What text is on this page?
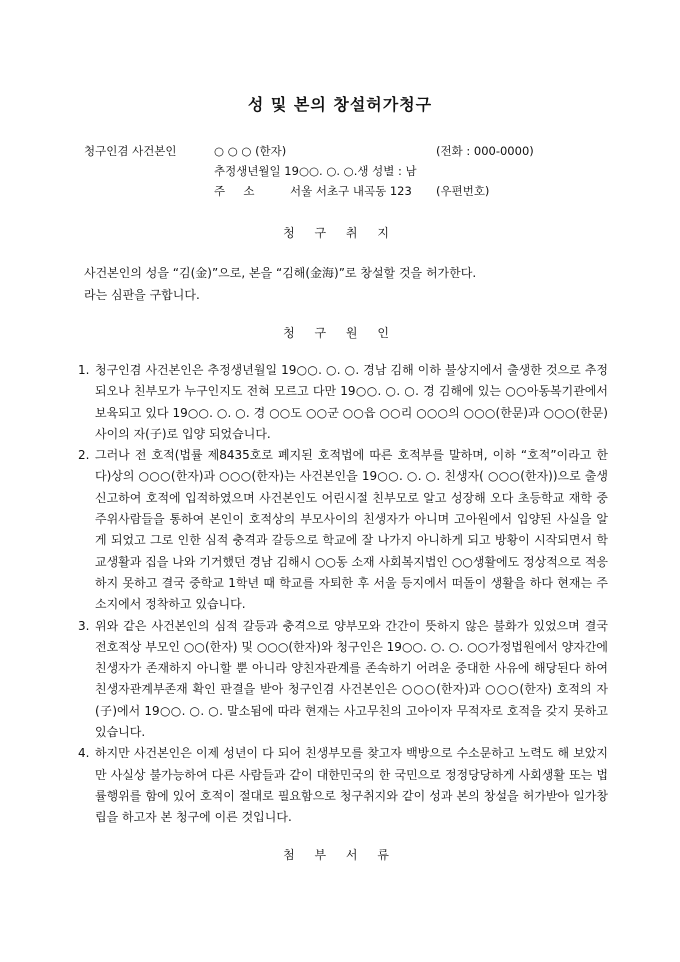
성 및 본의 창설허가청구
청구인겸 사건본인	○ ○ ○ (한자)	(전화 : 000-0000)
추정생년월일 19○○. ○. ○.생 성별 : 남
주     소	서울 서초구 내곡동 123 (우편번호)
청 구 취 지

사건본인의 성을 “김(金)”으로, 본을 “김해(金海)”로 창설할 것을 허가한다.

라는 심판을 구합니다.

청 구 원 인
1. 청구인겸 사건본인은 추정생년월일 19○○. ○. ○. 경남 김해 이하 불상지에서 출생한 것으로 추정되오나 친부모가 누구인지도 전혀 모르고 다만 19○○. ○. ○. 경 김해에 있는 ○○아동복기관에서 보육되고 있다 19○○. ○. ○. 경 ○○도 ○○군 ○○읍 ○○리 ○○○의 ○○○(한문)과 ○○○(한문)사이의 자(子)로 입양 되었습니다.
2. 그러나 전 호적(법률 제8435호로 폐지된 호적법에 따른 호적부를 말하며, 이하 “호적”이라고 한다)상의 ○○○(한자)과 ○○○(한자)는 사건본인을 19○○. ○. ○. 친생자( ○○○(한자))으로 출생 신고하여 호적에 입적하였으며 사건본인도 어린시절 친부모로 알고 성장해 오다 초등학교 재학 중 주위사람들을 통하여 본인이 호적상의 부모사이의 친생자가 아니며 고아원에서 입양된 사실을 알게 되었고 그로 인한 심적 충격과 갈등으로 학교에 잘 나가지 아니하게 되고 방황이 시작되면서 학교생활과 집을 나와 기거했던 경남 김해시 ○○동 소재 사회복지법인 ○○생활에도 정상적으로 적응하지 못하고 결국 중학교 1학년 때 학교를 자퇴한 후 서울 등지에서 떠돌이 생활을 하다 현재는 주소지에서 정착하고 있습니다.
3. 위와 같은 사건본인의 심적 갈등과 충격으로 양부모와 간간이 뜻하지 않은 불화가 있었으며 결국 전호적상 부모인 ○○(한자) 및 ○○○(한자)와 청구인은 19○○. ○. ○. ○○가정법원에서 양자간에 친생자가 존재하지 아니할 뿐 아니라 양친자관계를 존속하기 어려운 중대한 사유에 해당된다 하여 친생자관계부존재 확인 판결을 받아 청구인겸 사건본인은 ○○○(한자)과 ○○○(한자) 호적의 자(子)에서 19○○. ○. ○. 말소됨에 따라 현재는 사고무친의 고아이자 무적자로 호적을 갖지 못하고 있습니다.
4. 하지만 사건본인은 이제 성년이 다 되어 친생부모를 찾고자 백방으로 수소문하고 노력도 해 보았지만 사실상 불가능하여 다른 사람들과 같이 대한민국의 한 국민으로 정정당당하게 사회생활 또는 법률행위를 함에 있어 호적이 절대로 필요함으로 청구취지와 같이 성과 본의 창설을 허가받아 일가창립을 하고자 본 청구에 이른 것입니다.
첨 부 서 류
